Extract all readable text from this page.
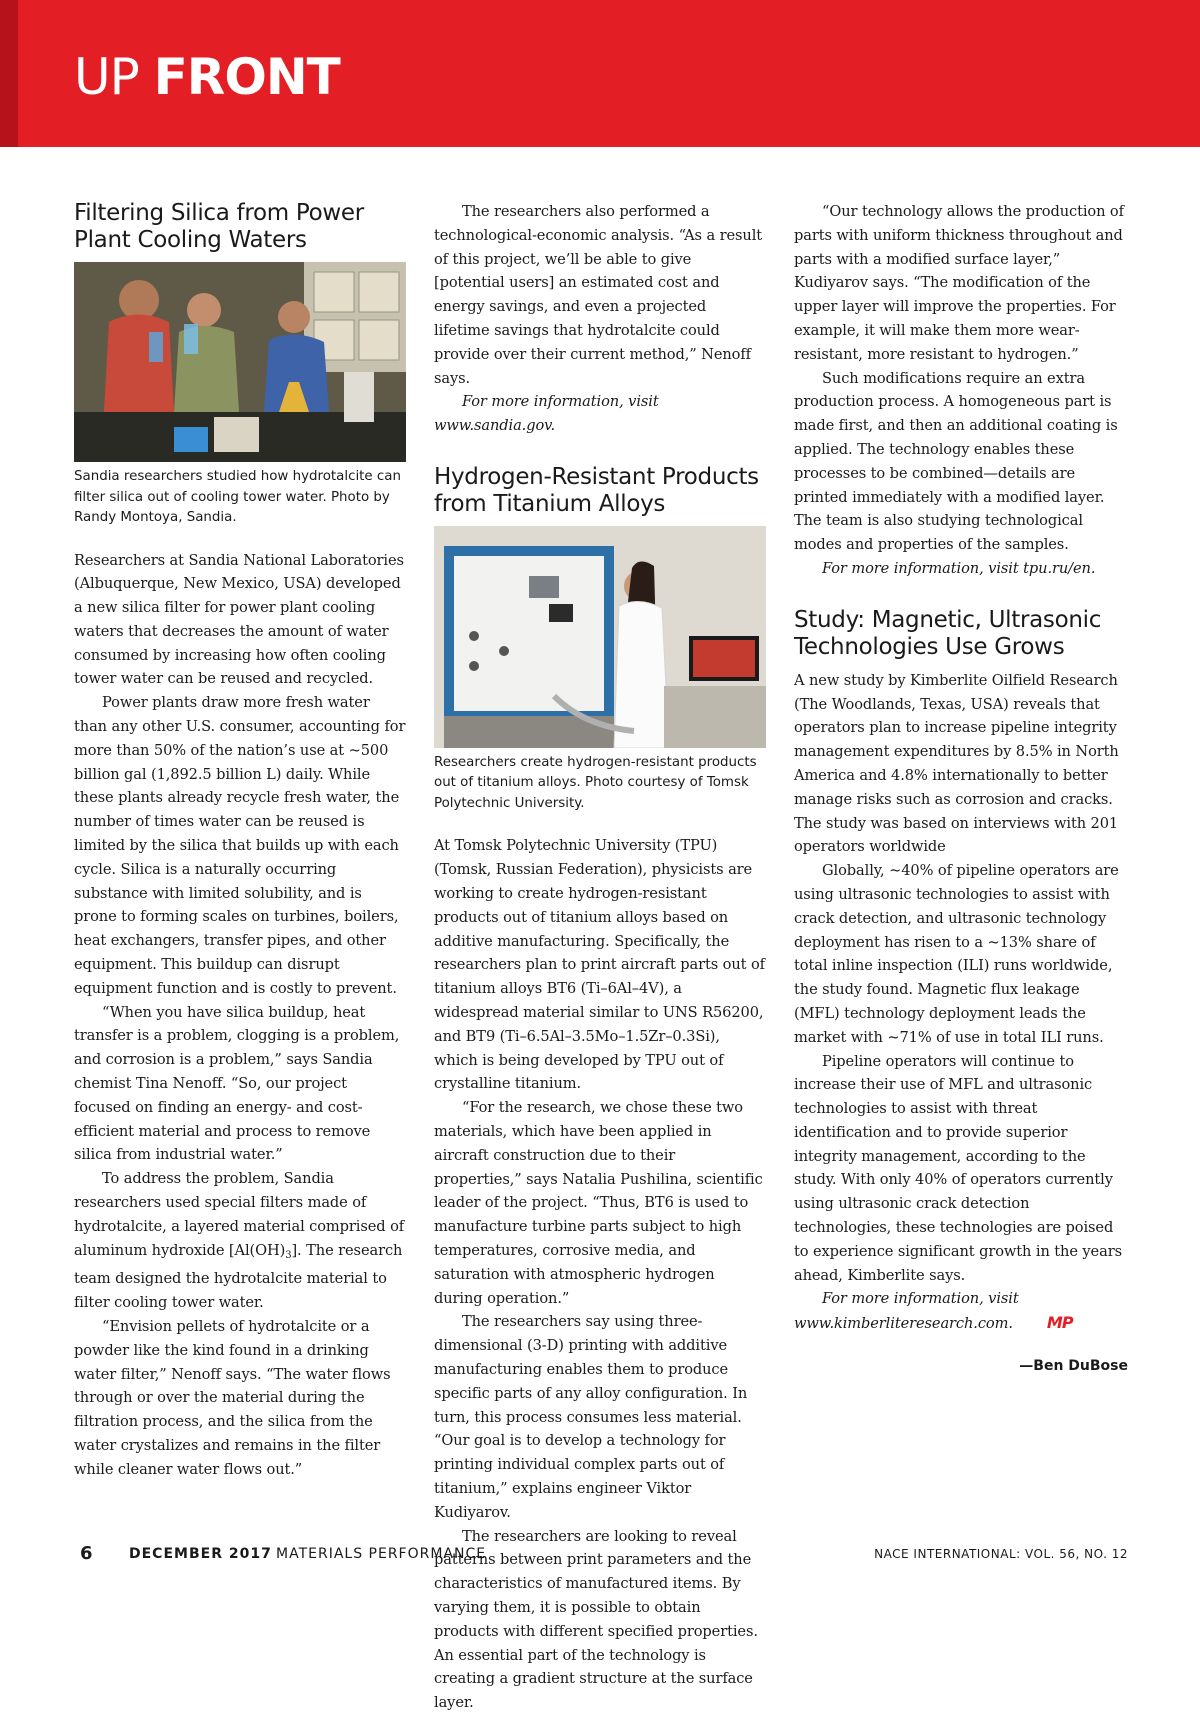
UP FRONT
Filtering Silica from Power Plant Cooling Waters
Sandia researchers studied how hydrotalcite can filter silica out of cooling tower water. Photo by Randy Montoya, Sandia.

Researchers at Sandia National Laboratories (Albuquerque, New Mexico, USA) developed a new silica filter for power plant cooling waters that decreases the amount of water consumed by increasing how often cooling tower water can be reused and recycled.

Power plants draw more fresh water than any other U.S. consumer, accounting for more than 50% of the nation’s use at ~500 billion gal (1,892.5 billion L) daily. While these plants already recycle fresh water, the number of times water can be reused is limited by the silica that builds up with each cycle. Silica is a naturally occurring substance with limited solubility, and is prone to forming scales on turbines, boilers, heat exchangers, transfer pipes, and other equipment. This buildup can disrupt equipment function and is costly to prevent.

“When you have silica buildup, heat transfer is a problem, clogging is a problem, and corrosion is a problem,” says Sandia chemist Tina Nenoff. “So, our project focused on finding an energy- and cost-efficient material and process to remove silica from industrial water.”

To address the problem, Sandia researchers used special filters made of hydrotalcite, a layered material comprised of aluminum hydroxide $[Al(OH)_3]$. The research team designed the hydrotalcite material to filter cooling tower water.

“Envision pellets of hydrotalcite or a powder like the kind found in a drinking water filter,” Nenoff says. “The water flows through or over the material during the filtration process, and the silica from the water crystalizes and remains in the filter while cleaner water flows out.”

The researchers also performed a technological-economic analysis. “As a result of this project, we’ll be able to give [potential users] an estimated cost and energy savings, and even a projected lifetime savings that hydrotalcite could provide over their current method,” Nenoff says.

For more information, visit www.sandia.gov.

Hydrogen-Resistant Products from Titanium Alloys
Researchers create hydrogen-resistant products out of titanium alloys. Photo courtesy of Tomsk Polytechnic University.

At Tomsk Polytechnic University (TPU) (Tomsk, Russian Federation), physicists are working to create hydrogen-resistant products out of titanium alloys based on additive manufacturing. Specifically, the researchers plan to print aircraft parts out of titanium alloys BT6 (Ti–6Al–4V), a widespread material similar to UNS R56200, and BT9 (Ti–6.5Al–3.5Mo–1.5Zr–0.3Si), which is being developed by TPU out of crystalline titanium.

“For the research, we chose these two materials, which have been applied in aircraft construction due to their properties,” says Natalia Pushilina, scientific leader of the project. “Thus, BT6 is used to manufacture turbine parts subject to high temperatures, corrosive media, and saturation with atmospheric hydrogen during operation.”

The researchers say using three-dimensional (3-D) printing with additive manufacturing enables them to produce specific parts of any alloy configuration. In turn, this process consumes less material. “Our goal is to develop a technology for printing individual complex parts out of titanium,” explains engineer Viktor Kudiyarov.

The researchers are looking to reveal patterns between print parameters and the characteristics of manufactured items. By varying them, it is possible to obtain products with different specified properties. An essential part of the technology is creating a gradient structure at the surface layer.

“Our technology allows the production of parts with uniform thickness throughout and parts with a modified surface layer,” Kudiyarov says. “The modification of the upper layer will improve the properties. For example, it will make them more wear-resistant, more resistant to hydrogen.”

Such modifications require an extra production process. A homogeneous part is made first, and then an additional coating is applied. The technology enables these processes to be combined—details are printed immediately with a modified layer. The team is also studying technological modes and properties of the samples.

For more information, visit tpu.ru/en.

Study: Magnetic, Ultrasonic Technologies Use Grows

A new study by Kimberlite Oilfield Research (The Woodlands, Texas, USA) reveals that operators plan to increase pipeline integrity management expenditures by 8.5% in North America and 4.8% internationally to better manage risks such as corrosion and cracks. The study was based on interviews with 201 operators worldwide

Globally, ~40% of pipeline operators are using ultrasonic technologies to assist with crack detection, and ultrasonic technology deployment has risen to a ~13% share of total inline inspection (ILI) runs worldwide, the study found. Magnetic flux leakage (MFL) technology deployment leads the market with ~71% of use in total ILI runs.

Pipeline operators will continue to increase their use of MFL and ultrasonic technologies to assist with threat identification and to provide superior integrity management, according to the study. With only 40% of operators currently using ultrasonic crack detection technologies, these technologies are poised to experience significant growth in the years ahead, Kimberlite says.

For more information, visit www.kimberliteresearch.com. MP

—Ben DuBose
6	DECEMBER 2017 MATERIALS PERFORMANCE	NACE INTERNATIONAL: VOL. 56, NO. 12
